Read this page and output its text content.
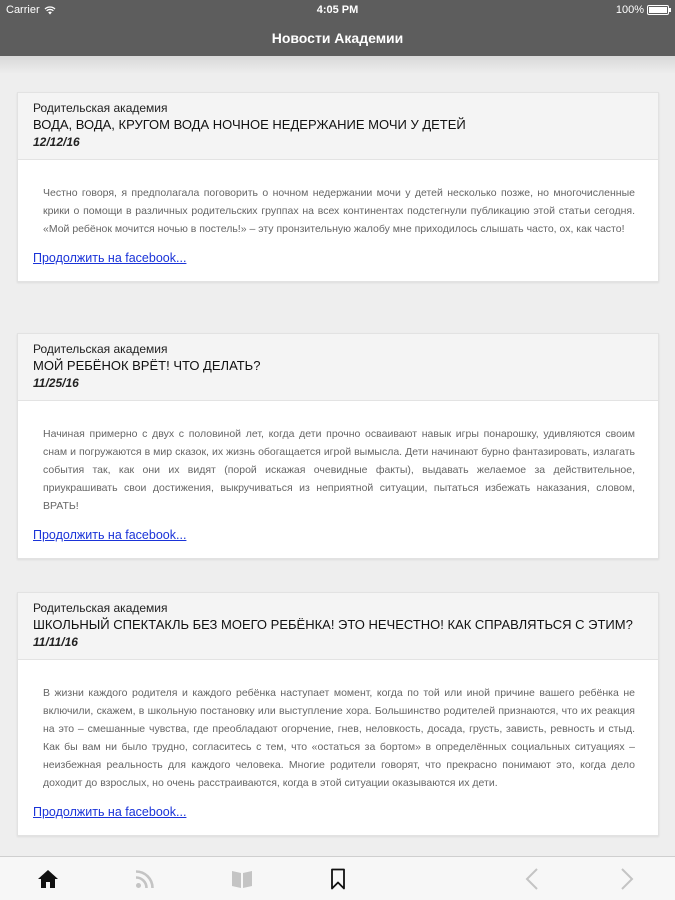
Carrier	4:05 PM	100%
Новости Академии
Родительская академия
ВОДА, ВОДА, КРУГОМ ВОДА НОЧНОЕ НЕДЕРЖАНИЕ МОЧИ У ДЕТЕЙ
12/12/16
Честно говоря, я предполагала поговорить о ночном недержании мочи у детей несколько позже, но многочисленные крики о помощи в различных родительских группах на всех континентах подстегнули публикацию этой статьи сегодня. «Мой ребёнок мочится ночью в постель!» – эту пронзительную жалобу мне приходилось слышать часто, ох, как часто!
Продолжить на facebook...
Родительская академия
МОЙ РЕБЁНОК ВРЁТ! ЧТО ДЕЛАТЬ?
11/25/16
Начиная примерно с двух с половиной лет, когда дети прочно осваивают навык игры понарошку, удивляются своим снам и погружаются в мир сказок, их жизнь обогащается игрой вымысла. Дети начинают бурно фантазировать, излагать события так, как они их видят (порой искажая очевидные факты), выдавать желаемое за действительное, приукрашивать свои достижения, выкручиваться из неприятной ситуации, пытаться избежать наказания, словом, ВРАТЬ!
Продолжить на facebook...
Родительская академия
ШКОЛЬНЫЙ СПЕКТАКЛЬ БЕЗ МОЕГО РЕБЁНКА! ЭТО НЕЧЕСТНО! КАК СПРАВЛЯТЬСЯ С ЭТИМ?
11/11/16
В жизни каждого родителя и каждого ребёнка наступает момент, когда по той или иной причине вашего ребёнка не включили, скажем, в школьную постановку или выступление хора. Большинство родителей признаются, что их реакция на это – смешанные чувства, где преобладают огорчение, гнев, неловкость, досада, грусть, зависть, ревность и стыд. Как бы вам ни было трудно, согласитесь с тем, что «остаться за бортом» в определённых социальных ситуациях – неизбежная реальность для каждого человека. Многие родители говорят, что прекрасно понимают это, когда дело доходит до взрослых, но очень расстраиваются, когда в этой ситуации оказываются их дети.
Продолжить на facebook...
